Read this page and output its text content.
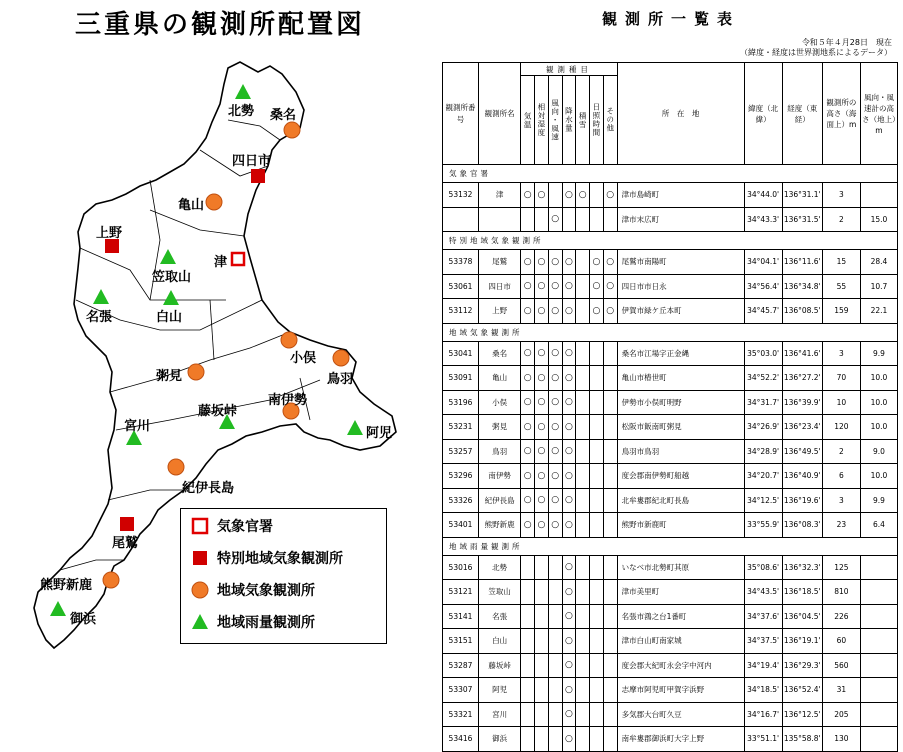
三重県の観測所配置図
北勢 桑名
四日市
亀山
上野
津
笠取山
名張	白山
小俣
粥見	鳥羽
南伊勢
藤坂峠
宮川	阿児
紀伊長島
尾鷲
熊野新鹿
御浜
気象官署
特別地域気象観測所
地域気象観測所
地域雨量観測所
観測所一覧表
令和５年４月28日　現在
（緯度・経度は世界測地系によるデータ）
観測所番号	観測所名	観測種目							所　在　地	緯度（北緯）	経度（東経）	観測所の高さ（海面上）m	風向・風速計の高さ（地上）m

		気温	相対湿度	風向・風速	降水量	積雪	日照時間	その他					

気象官署													
53132	津	○	○		○	○		○	津市島崎町	34°44.0'	136°31.1'	3	
				○					津市末広町	34°43.3'	136°31.5'	2	15.0
特別地域気象観測所													
53378	尾鷲	○	○	○	○		○	○	尾鷲市南陽町	34°04.1'	136°11.6'	15	28.4
53061	四日市	○	○	○	○		○	○	四日市市日永	34°56.4'	136°34.8'	55	10.7
53112	上野	○	○	○	○		○	○	伊賀市緑ケ丘本町	34°45.7'	136°08.5'	159	22.1
地域気象観測所													
53041	桑名	○	○	○	○				桑名市江場字正金縄	35°03.0'	136°41.6'	3	9.9
53091	亀山	○	○	○	○				亀山市椿世町	34°52.2'	136°27.2'	70	10.0
53196	小俣	○	○	○	○				伊勢市小俣町明野	34°31.7'	136°39.9'	10	10.0
53231	粥見	○	○	○	○				松阪市飯南町粥見	34°26.9'	136°23.4'	120	10.0
53257	鳥羽	○	○	○	○				鳥羽市鳥羽	34°28.9'	136°49.5'	2	9.0
53296	南伊勢	○	○	○	○				度会郡南伊勢町船越	34°20.7'	136°40.9'	6	10.0
53326	紀伊長島	○	○	○	○				北牟婁郡紀北町長島	34°12.5'	136°19.6'	3	9.9
53401	熊野新鹿	○	○	○	○				熊野市新鹿町	33°55.9'	136°08.3'	23	6.4
地域雨量観測所													
53016	北勢				○				いなべ市北勢町其原	35°08.6'	136°32.3'	125	
53121	笠取山				○				津市美里町	34°43.5'	136°18.5'	810	
53141	名張				○				名張市鴻之台1番町	34°37.6'	136°04.5'	226	
53151	白山				○				津市白山町南家城	34°37.5'	136°19.1'	60	
53287	藤坂峠				○				度会郡大紀町永会字中河内	34°19.4'	136°29.3'	560	
53307	阿児				○				志摩市阿児町甲賀字浜野	34°18.5'	136°52.4'	31	
53321	宮川				○				多気郡大台町久豆	34°16.7'	136°12.5'	205	
53416	御浜				○				南牟婁郡御浜町大字上野	33°51.1'	135°58.8'	130	
